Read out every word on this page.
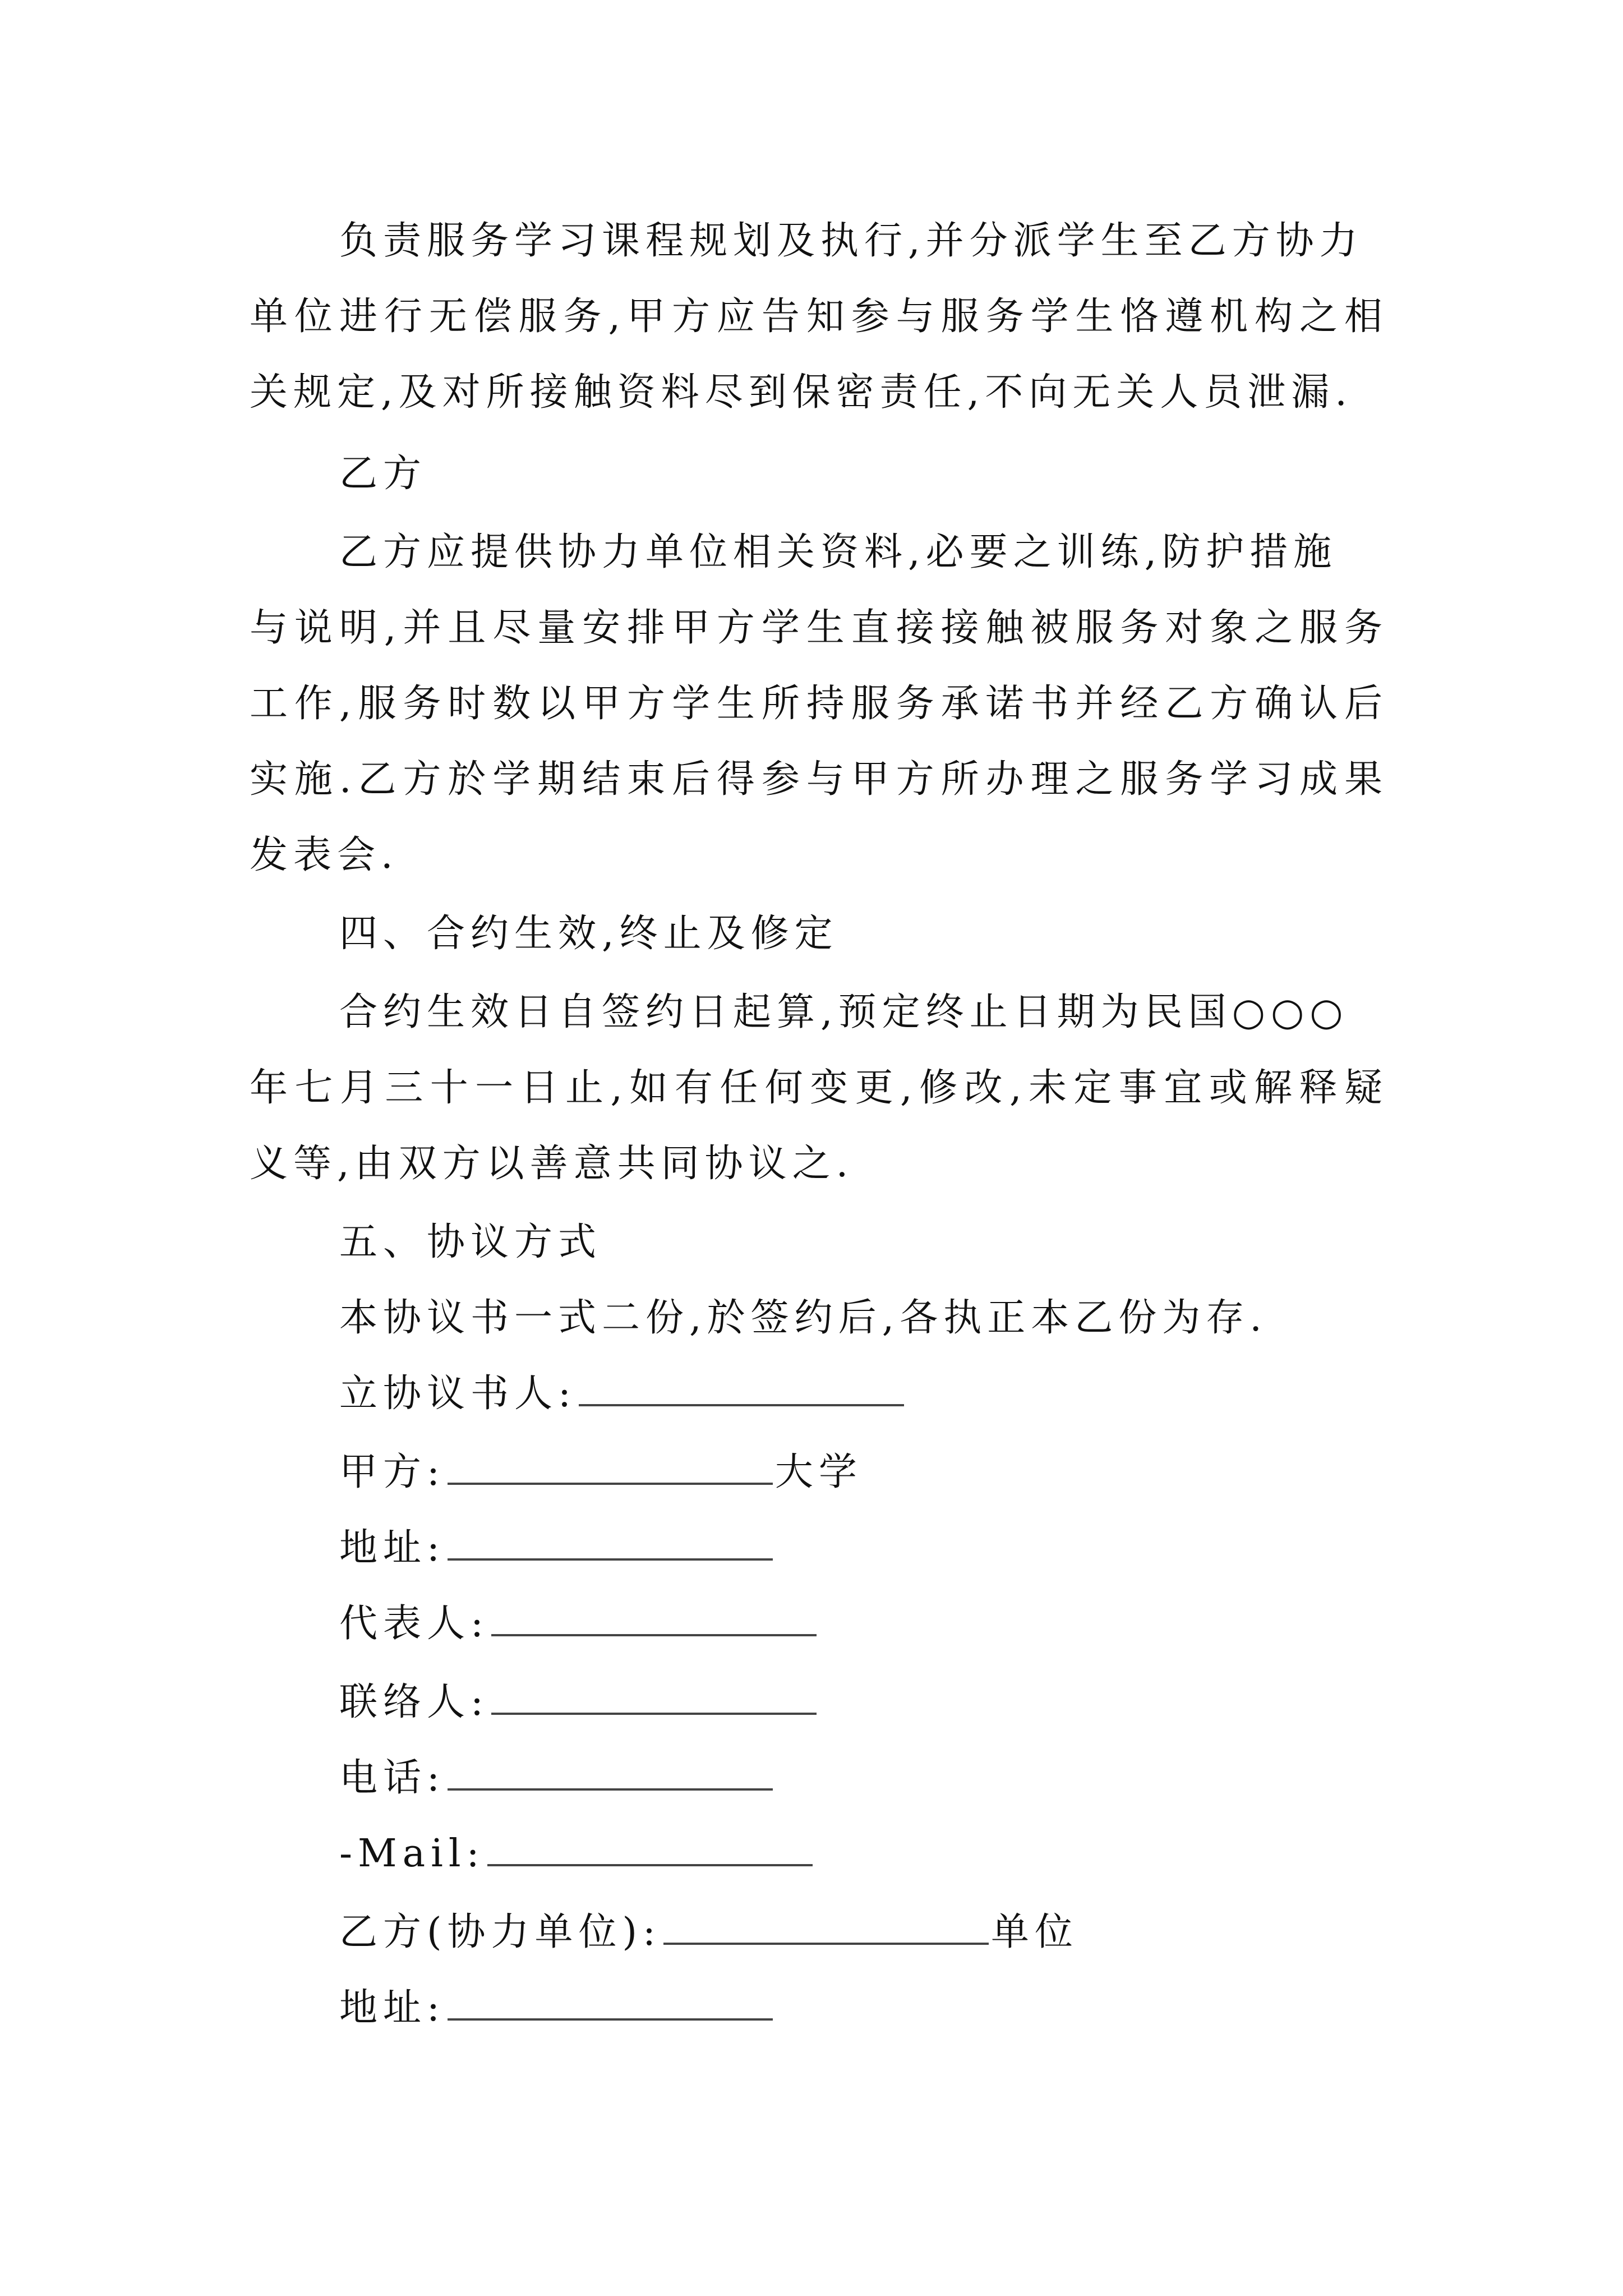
负责服务学习课程规划及执行,并分派学生至乙方协力
单位进行无偿服务,甲方应告知参与服务学生恪遵机构之相
关规定,及对所接触资料尽到保密责任,不向无关人员泄漏.
乙方
乙方应提供协力单位相关资料,必要之训练,防护措施
与说明,并且尽量安排甲方学生直接接触被服务对象之服务
工作,服务时数以甲方学生所持服务承诺书并经乙方确认后
实施.乙方於学期结束后得参与甲方所办理之服务学习成果
发表会.
四、合约生效,终止及修定
合约生效日自签约日起算,预定终止日期为民国○○○
年七月三十一日止,如有任何变更,修改,未定事宜或解释疑
义等,由双方以善意共同协议之.
五、协议方式
本协议书一式二份,於签约后,各执正本乙份为存.
立协议书人:
甲方:	大学
地址:
代表人:
联络人:
电话:
-Mail:
乙方(协力单位):	单位
地址:
